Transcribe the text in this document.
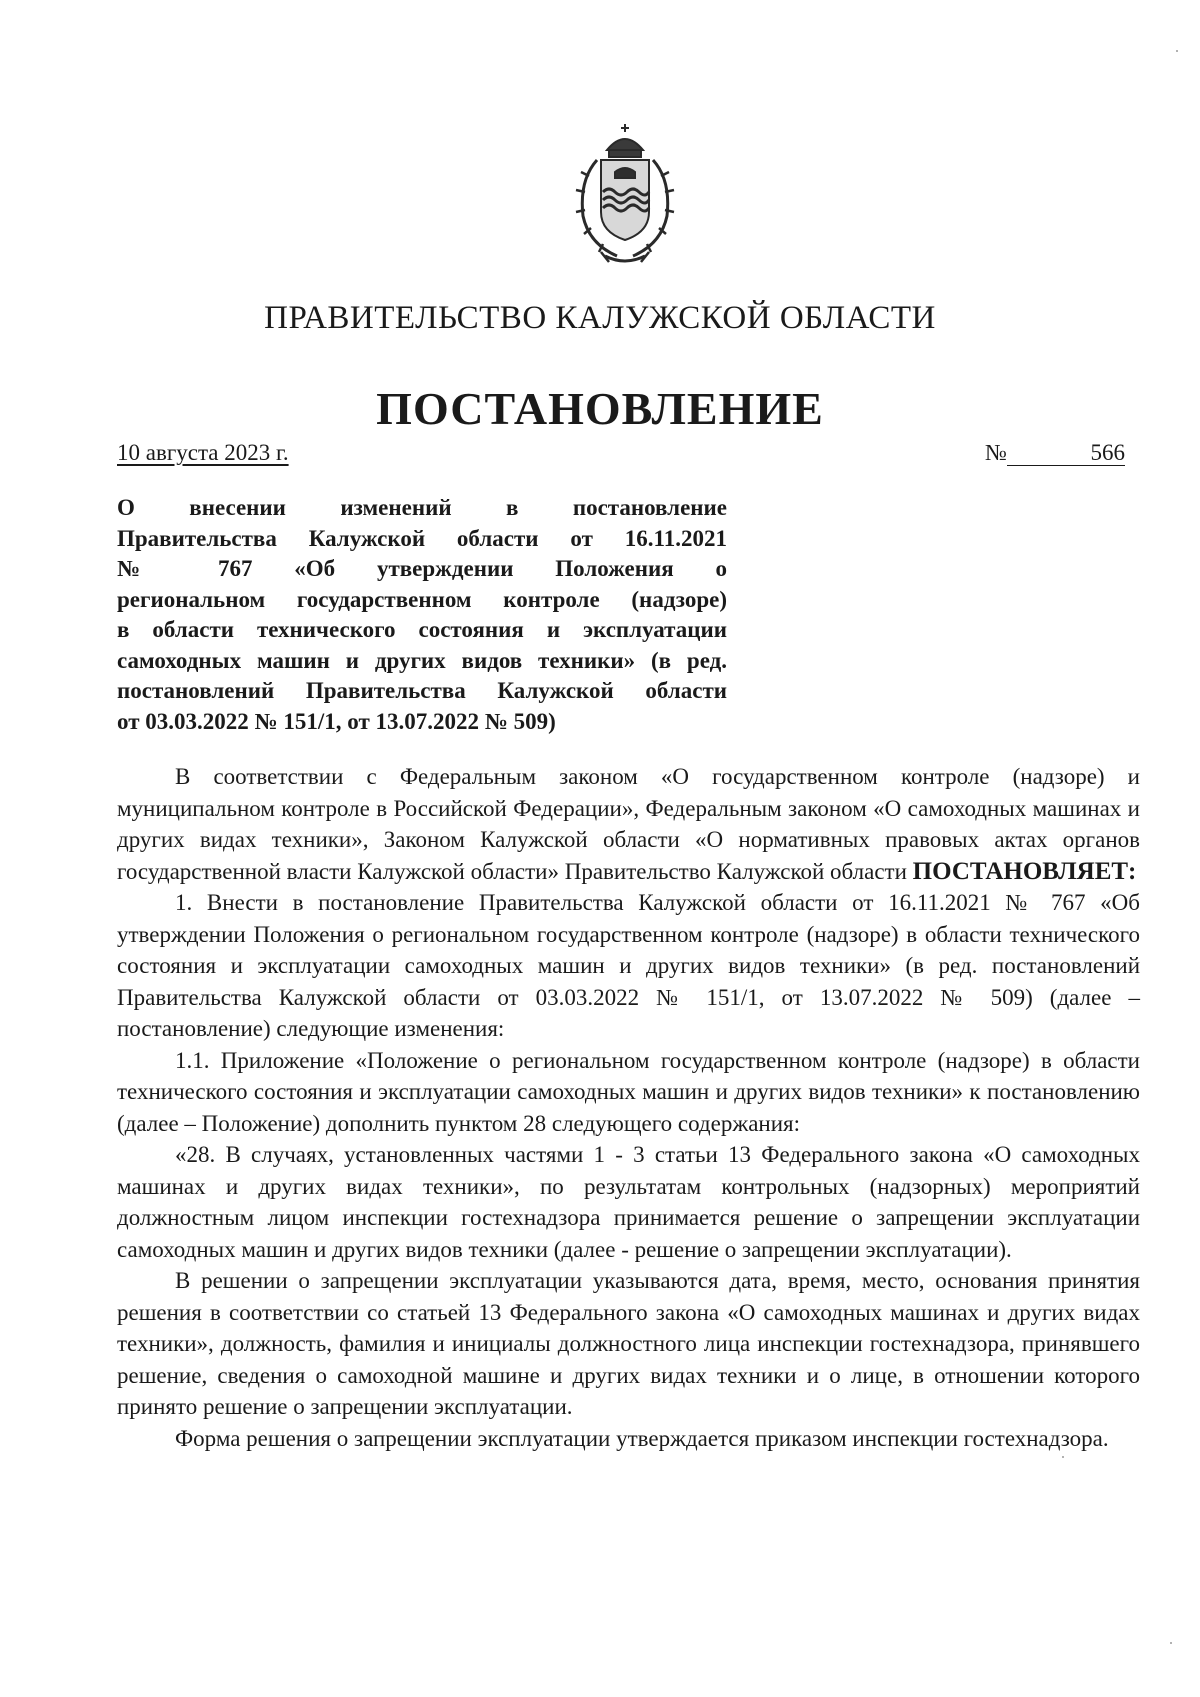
ПРАВИТЕЛЬСТВО КАЛУЖСКОЙ ОБЛАСТИ
ПОСТАНОВЛЕНИЕ
10 августа 2023 г.	№	566
О внесении изменений в постановление
Правительства Калужской области от 16.11.2021
№ 767 «Об утверждении Положения о
региональном государственном контроле (надзоре)
в области технического состояния и эксплуатации
самоходных машин и других видов техники» (в ред.
постановлений Правительства Калужской области
от 03.03.2022 № 151/1, от 13.07.2022 № 509)

В соответствии с Федеральным законом «О государственном контроле (надзоре) и муниципальном контроле в Российской Федерации», Федеральным законом «О самоходных машинах и других видах техники», Законом Калужской области «О нормативных правовых актах органов государственной власти Калужской области» Правительство Калужской области ПОСТАНОВЛЯЕТ:

1. Внести в постановление Правительства Калужской области от 16.11.2021 № 767 «Об утверждении Положения о региональном государственном контроле (надзоре) в области технического состояния и эксплуатации самоходных машин и других видов техники» (в ред. постановлений Правительства Калужской области от 03.03.2022 № 151/1, от 13.07.2022 № 509) (далее – постановление) следующие изменения:

1.1. Приложение «Положение о региональном государственном контроле (надзоре) в области технического состояния и эксплуатации самоходных машин и других видов техники» к постановлению (далее – Положение) дополнить пунктом 28 следующего содержания:

«28. В случаях, установленных частями 1 - 3 статьи 13 Федерального закона «О самоходных машинах и других видах техники», по результатам контрольных (надзорных) мероприятий должностным лицом инспекции гостехнадзора принимается решение о запрещении эксплуатации самоходных машин и других видов техники (далее - решение о запрещении эксплуатации).

В решении о запрещении эксплуатации указываются дата, время, место, основания принятия решения в соответствии со статьей 13 Федерального закона «О самоходных машинах и других видах техники», должность, фамилия и инициалы должностного лица инспекции гостехнадзора, принявшего решение, сведения о самоходной машине и других видах техники и о лице, в отношении которого принято решение о запрещении эксплуатации.

Форма решения о запрещении эксплуатации утверждается приказом инспекции гостехнадзора.
